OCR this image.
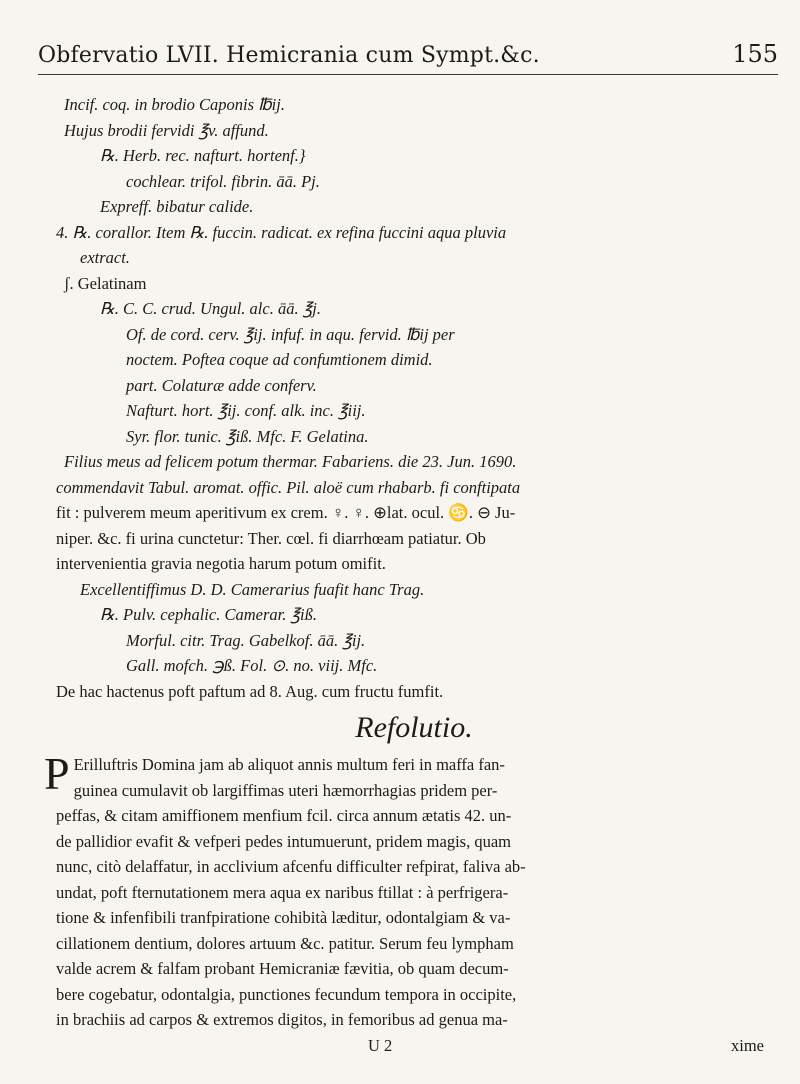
Obfervatio LVII. Hemicrania cum Sympt.&c.	155
Incif. coq. in brodio Caponis ℔ij.
Hujus brodii fervidi ℥v. affund.
℞. Herb. rec. nafturt. hortenf.}
cochlear. trifol. fibrin. āā. Pj.
Expreff. bibatur calide.
4. ℞. corallor. Item ℞. fuccin. radicat. ex refina fuccini aqua pluvia
extract.
ʃ. Gelatinam
℞. C. C. crud. Ungul. alc. āā. ℥j.
Of. de cord. cerv. ℥ij. infuf. in aqu. fervid. ℔ij per
noctem. Poftea coque ad confumtionem dimid.
part. Colaturæ adde conferv.
Nafturt. hort. ℥ij. conf. alk. inc. ℥iij.
Syr. flor. tunic. ℥iß. Mfc. F. Gelatina.
Filius meus ad felicem potum thermar. Fabariens. die 23. Jun. 1690.
commendavit Tabul. aromat. offic. Pil. aloë cum rhabarb. fi conftipata
fit : pulverem meum aperitivum ex crem. ♀. ♀. ⊕lat. ocul. ♋. ⊖ Ju-
niper. &c. fi urina cunctetur: Ther. cœl. fi diarrhœam patiatur. Ob
intervenientia gravia negotia harum potum omifit.
Excellentiffimus D. D. Camerarius fuafit hanc Trag.
℞. Pulv. cephalic. Camerar. ℥iß.
Morful. citr. Trag. Gabelkof. āā. ℥ij.
Gall. mofch. ℈ß. Fol. ⊙. no. viij. Mfc.
De hac hactenus poft paftum ad 8. Aug. cum fructu fumfit.
Refolutio.
P Erilluftris Domina jam ab aliquot annis multum feri in maffa fan-
guinea cumulavit ob largiffimas uteri hæmorrhagias pridem per-
peffas, & citam amiffionem menfium fcil. circa annum ætatis 42. un-
de pallidior evafit & vefperi pedes intumuerunt, pridem magis, quam
nunc, citò delaffatur, in acclivium afcenfu difficulter refpirat, faliva ab-
undat, poft fternutationem mera aqua ex naribus ftillat : à perfrigera-
tione & infenfibili tranfpiratione cohibità læditur, odontalgiam & va-
cillationem dentium, dolores artuum &c. patitur. Serum feu lympham
valde acrem & falfam probant Hemicraniæ fævitia, ob quam decum-
bere cogebatur, odontalgia, punctiones fecundum tempora in occipite,
in brachiis ad carpos & extremos digitos, in femoribus ad genua ma-
U 2	xime
